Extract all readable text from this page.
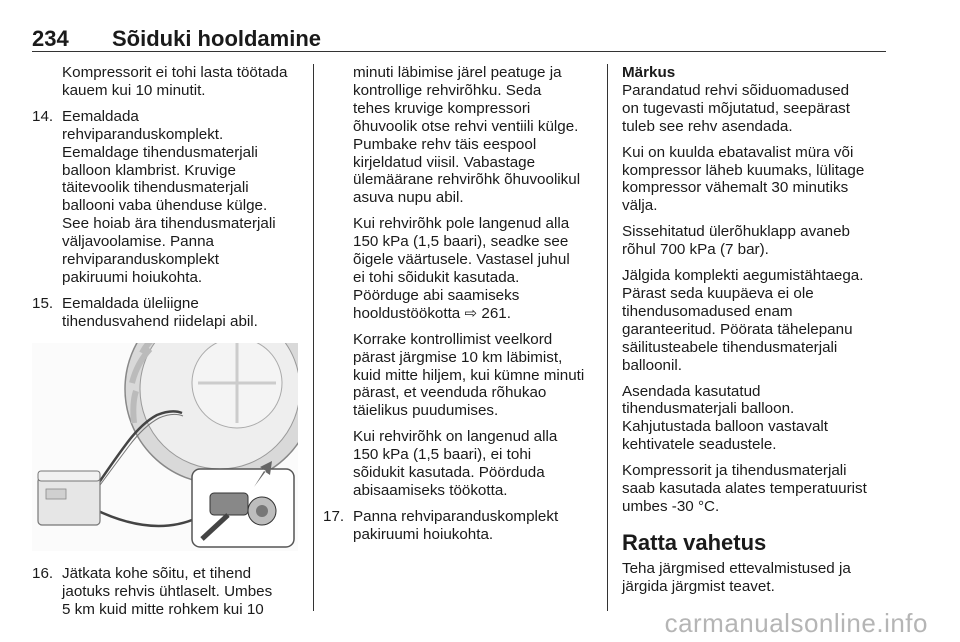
234 Sõiduki hooldamine

Kompressorit ei tohi lasta töötada kauem kui 10 minutit.

14. Eemaldada
rehviparanduskomplekt.
Eemaldage tihendusmaterjali
balloon klambrist. Kruvige
täitevoolik tihendusmaterjali
ballooni vaba ühenduse külge.
See hoiab ära tihendusmaterjali
väljavoolamise. Panna
rehviparanduskomplekt
pakiruumi hoiukohta.
15. Eemaldada üleliigne
tihendusvahend riidelapi abil.
16. Jätkata kohe sõitu, et tihend
jaotuks rehvis ühtlaselt. Umbes
5 km kuid mitte rohkem kui 10

minuti läbimise järel peatuge ja
kontrollige rehvirõhku. Seda
tehes kruvige kompressori
õhuvoolik otse rehvi ventiili külge.
Pumbake rehv täis eespool
kirjeldatud viisil. Vabastage
ülemäärane rehvirõhk õhuvoolikul
asuva nupu abil.

Kui rehvirõhk pole langenud alla
150 kPa (1,5 baari), seadke see
õigele väärtusele. Vastasel juhul
ei tohi sõidukit kasutada.
Pöörduge abi saamiseks
hooldustöökotta ⇨ 261.

Korrake kontrollimist veelkord
pärast järgmise 10 km läbimist,
kuid mitte hiljem, kui kümne minuti
pärast, et veenduda rõhukao
täielikus puudumises.

Kui rehvirõhk on langenud alla
150 kPa (1,5 baari), ei tohi
sõidukit kasutada. Pöörduda
abisaamiseks töökotta.

17. Panna rehviparanduskomplekt
pakiruumi hoiukohta.

Märkus

Parandatud rehvi sõiduomadused
on tugevasti mõjutatud, seepärast
tuleb see rehv asendada.

Kui on kuulda ebatavalist müra või
kompressor läheb kuumaks, lülitage
kompressor vähemalt 30 minutiks
välja.

Sissehitatud ülerõhuklapp avaneb
rõhul 700 kPa (7 bar).

Jälgida komplekti aegumistähtaega.
Pärast seda kuupäeva ei ole
tihendusomadused enam
garanteeritud. Pöörata tähelepanu
säilitusteabele tihendusmaterjali
balloonil.

Asendada kasutatud
tihendusmaterjali balloon.
Kahjutustada balloon vastavalt
kehtivatele seadustele.

Kompressorit ja tihendusmaterjali
saab kasutada alates temperatuurist
umbes -30 °C.

Ratta vahetus

Teha järgmised ettevalmistused ja
järgida järgmist teavet.

carmanualsonline.info
